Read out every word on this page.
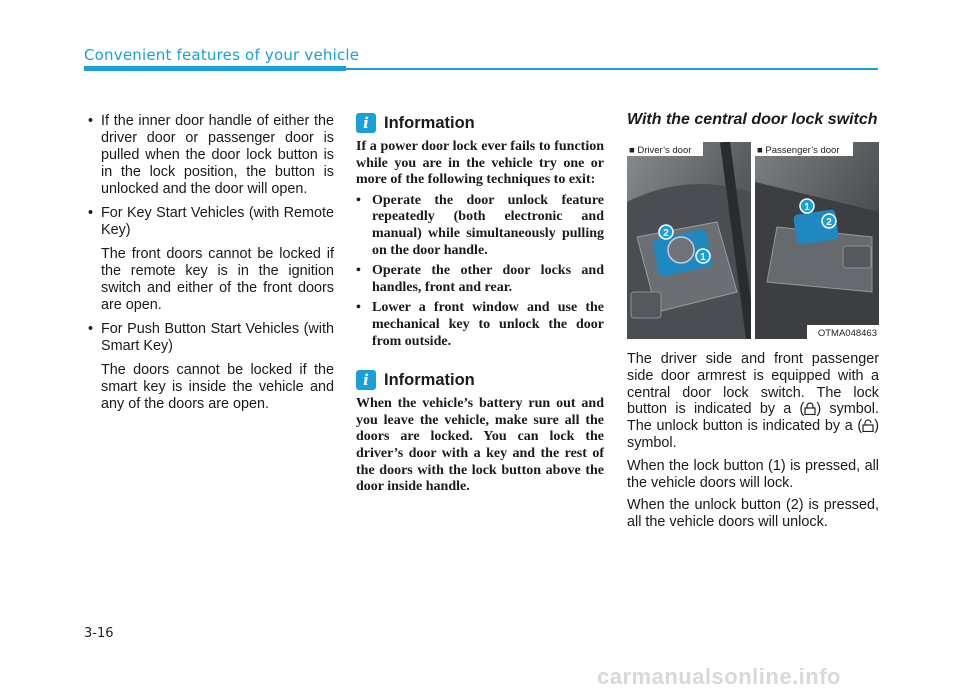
Convenient features of your vehicle

• If the inner door handle of either the driver door or passenger door is pulled when the door lock button is in the lock position, the button is unlocked and the door will open.

• For Key Start Vehicles (with Remote Key)

The front doors cannot be locked if the remote key is in the ignition switch and either of the front doors are open.

• For Push Button Start Vehicles (with Smart Key)

The doors cannot be locked if the smart key is inside the vehicle and any of the doors are open.

i Information

If a power door lock ever fails to function while you are in the vehicle try one or more of the following techniques to exit:

• Operate the door unlock feature repeatedly (both electronic and manual) while simultaneously pulling on the door handle.

• Operate the other door locks and handles, front and rear.

• Lower a front window and use the mechanical key to unlock the door from outside.

i Information

When the vehicle’s battery run out and you leave the vehicle, make sure all the doors are locked. You can lock the driver’s door with a key and the rest of the doors with the lock button above the door inside handle.

With the central door lock switch
2
1
1
2
■ Driver’s door	■ Passenger’s door
OTMA048463

The driver side and front passenger side door armrest is equipped with a central door lock switch. The lock button is indicated by a ( ) symbol. The unlock button is indicated by a ( ) symbol.

When the lock button (1) is pressed, all the vehicle doors will lock.

When the unlock button (2) is pressed, all the vehicle doors will unlock.

3-16
carmanualsonline.info
